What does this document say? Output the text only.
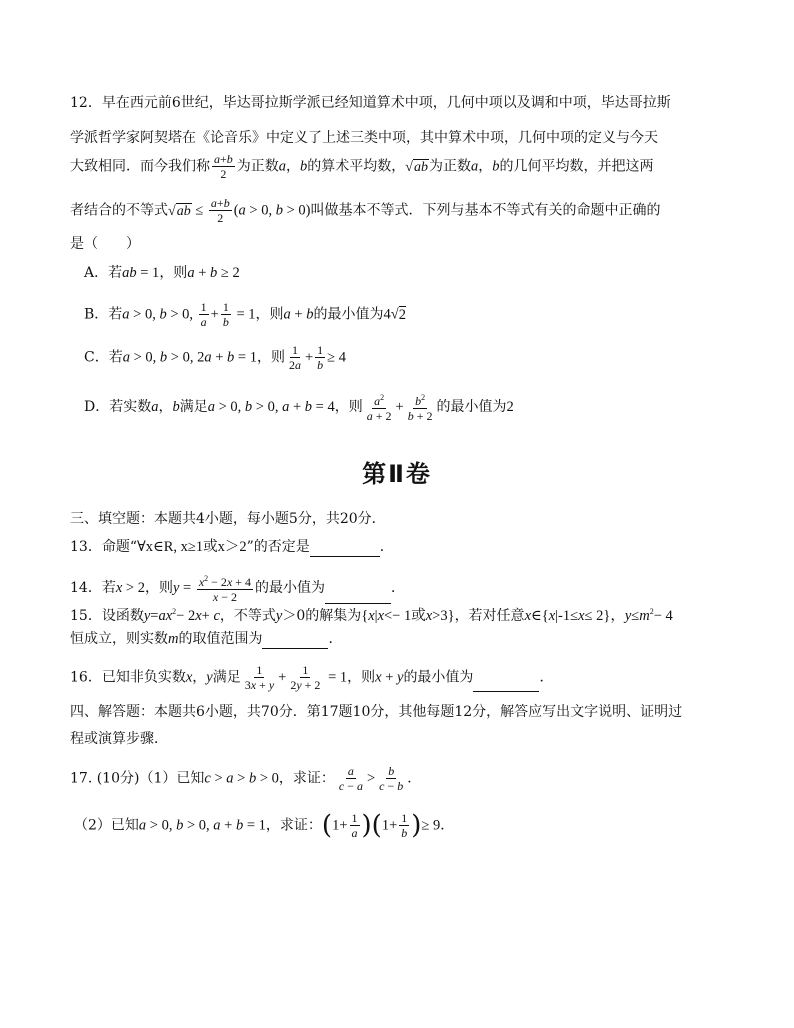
12．早在西元前6世纪，毕达哥拉斯学派已经知道算术中项，几何中项以及调和中项，毕达哥拉斯
学派哲学家阿契塔在《论音乐》中定义了上述三类中项，其中算术中项，几何中项的定义与今天
大致相同．而今我们称 $\frac{a+b}{2}$ 为正数a，b的算术平均数，√ab为正数a，b的几何平均数，并把这两
者结合的不等式$√ab \le \frac{a+b}{2} (a > 0$, b > 0)叫做基本不等式．下列与基本不等式有关的命题中正确的
是（　　）
A．若ab = 1，则a + b ≥ 2
B．若a > 0, b > 0, $\frac{1}{a} + \frac{1}{b} = 1$，则a + b的最小值为4√2
C．若a > 0, b > 0, 2a + b = 1，则 $\frac{1}{2a} + \frac{1}{b} \ge 4$
D．若实数a，b满足a > 0, b > 0, a + b = 4，则 $\frac{a^2}{a + 2} + \frac{b^2}{b + 2}$ 的最小值为2
第Ⅱ卷
三、填空题：本题共4小题，每小题5分，共20分．
13．命题“∀x∈R, x≥1或x＞2”的否定是	．
14．若x > 2，则$y = \frac{x^2 - 2x + 4}{x - 2}$ 的最小值为	．
15．设函数$y=ax^2- 2x+ c$，不等式y＞0的解集为{x|x<− 1或x>3}，若对任意x∈{x|-1≤x≤ 2}，$y\le m^2- 4$
恒成立，则实数m的取值范围为	．
16．已知非负实数x，y满足 $\frac{1}{3x + y} + \frac{1}{2y + 2} = 1$，则x + y的最小值为	．
四、解答题：本题共6小题，共70分．第17题10分，其他每题12分，解答应写出文字说明、证明过
程或演算步骤．
17. (10分)（1）已知c > a > b > 0，求证： $\frac{a}{c - a} > \frac{b}{c - b}$ ．
（2）已知a > 0, b > 0, a + b = 1，求证：$(1+ \frac{1}{a} )(1+ \frac{1}{b}$ )≥ 9．
